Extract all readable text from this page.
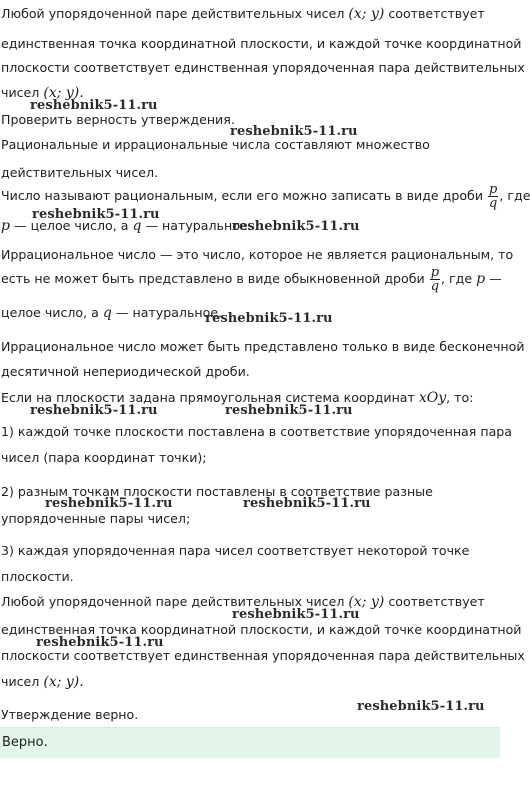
Любой упорядоченной паре действительных чисел (x; y) соответствует
единственная точка координатной плоскости, и каждой точке координатной
плоскости соответствует единственная упорядоченная пара действительных
чисел (x; y).
Проверить верность утверждения.
Рациональные и иррациональные числа составляют множество
действительных чисел.
Число называют рациональным, если его можно записать в виде дроби $\frac{p}{q}$ , где
p — целое число, а q — натуральное.
Иррациональное число — это число, которое не является рациональным, то
есть не может быть представлено в виде обыкновенной дроби $\frac{p}{q}$ , где p —
целое число, а q — натуральное.
Иррациональное число может быть представлено только в виде бесконечной
десятичной непериодической дроби.
Если на плоскости задана прямоугольная система координат xOy, то:
1) каждой точке плоскости поставлена в соответствие упорядоченная пара
чисел (пара координат точки);
2) разным точкам плоскости поставлены в соответствие разные
упорядоченные пары чисел;
3) каждая упорядоченная пара чисел соответствует некоторой точке
плоскости.
Любой упорядоченной паре действительных чисел (x; y) соответствует
единственная точка координатной плоскости, и каждой точке координатной
плоскости соответствует единственная упорядоченная пара действительных
чисел (x; y).
Утверждение верно.
Верно.
reshebnik5-11.ru
reshebnik5-11.ru
reshebnik5-11.ru
reshebnik5-11.ru
reshebnik5-11.ru
reshebnik5-11.ru	reshebnik5-11.ru
reshebnik5-11.ru	reshebnik5-11.ru
reshebnik5-11.ru
reshebnik5-11.ru
reshebnik5-11.ru
